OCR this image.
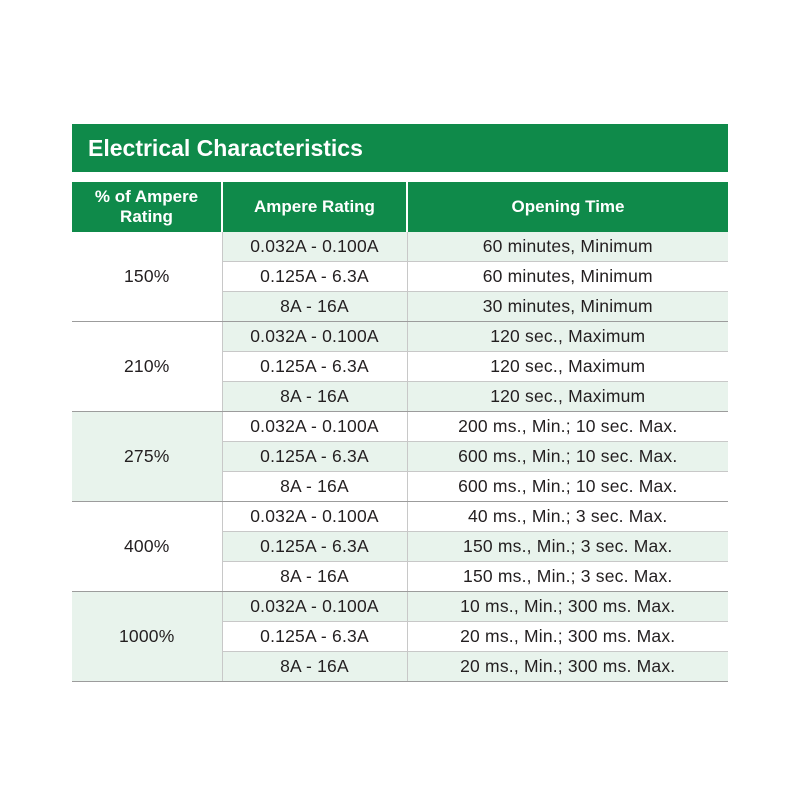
Electrical Characteristics
% of Ampere Rating	Ampere Rating	Opening Time
150%	0.032A - 0.100A	60 minutes, Minimum
	0.125A - 6.3A	60 minutes, Minimum
	8A - 16A	30 minutes, Minimum
210%	0.032A - 0.100A	120 sec., Maximum
	0.125A - 6.3A	120 sec., Maximum
	8A - 16A	120 sec., Maximum
275%	0.032A - 0.100A	200 ms., Min.; 10 sec. Max.
	0.125A - 6.3A	600 ms., Min.; 10 sec. Max.
	8A - 16A	600 ms., Min.; 10 sec. Max.
400%	0.032A - 0.100A	40 ms., Min.; 3 sec. Max.
	0.125A - 6.3A	150 ms., Min.; 3 sec. Max.
	8A - 16A	150 ms., Min.; 3 sec. Max.
1000%	0.032A - 0.100A	10 ms., Min.; 300 ms. Max.
	0.125A - 6.3A	20 ms., Min.; 300 ms. Max.
	8A - 16A	20 ms., Min.; 300 ms. Max.
